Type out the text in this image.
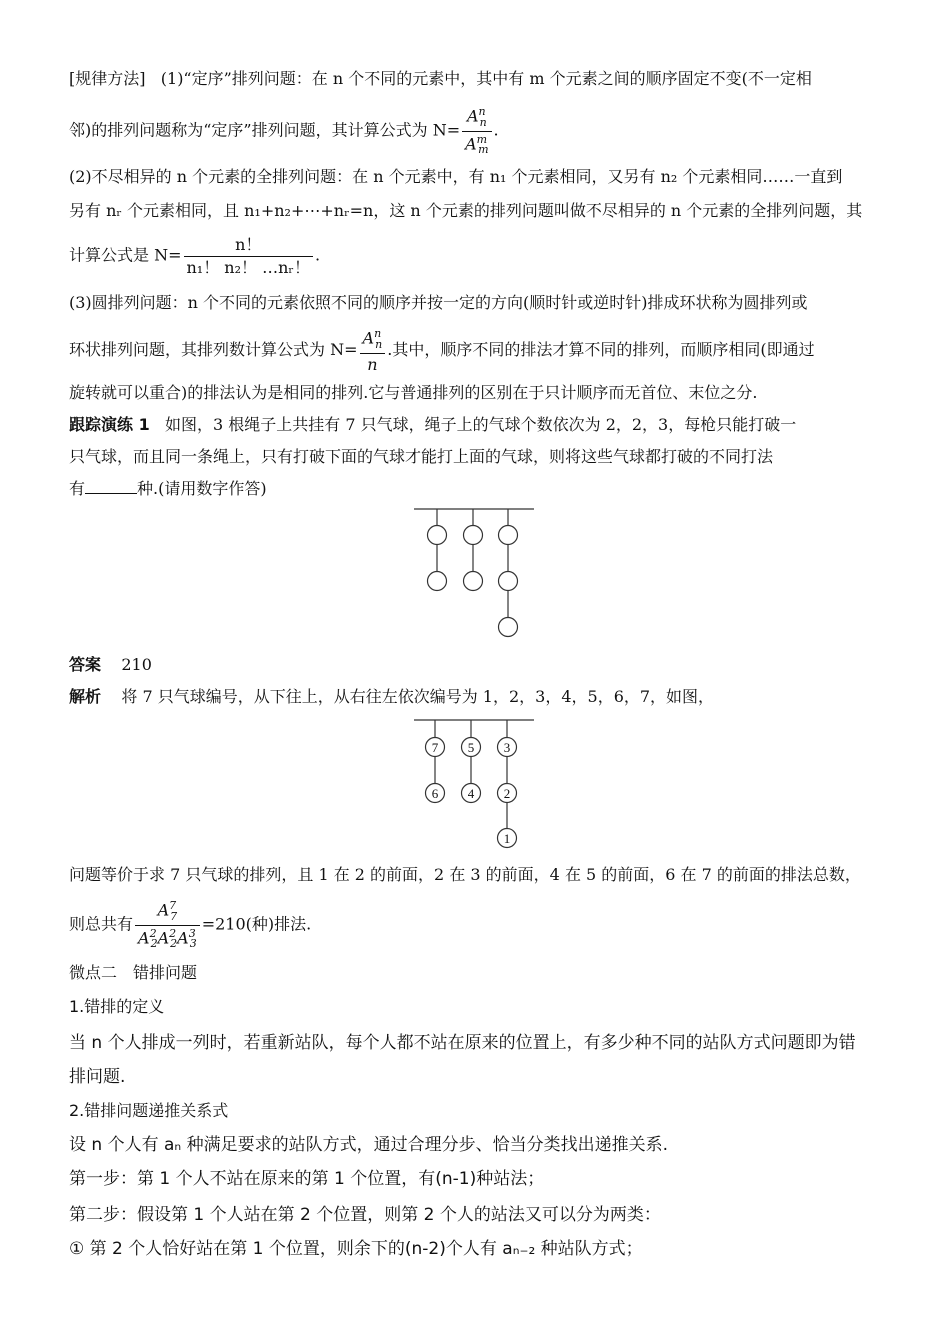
[规律方法] (1)“定序”排列问题：在 n 个不同的元素中，其中有 m 个元素之间的顺序固定不变(不一定相
邻)的排列问题称为“定序”排列问题，其计算公式为 $N= \frac{A^n_n}{A^m_m}$ .
(2)不尽相异的 n 个元素的全排列问题：在 n 个元素中，有 n₁ 个元素相同，又另有 n₂ 个元素相同……一直到
另有 nᵣ 个元素相同，且 n₁+n₂+⋯+nᵣ=n，这 n 个元素的排列问题叫做不尽相异的 n 个元素的全排列问题，其
计算公式是 $N= \frac{n!}{\text{n₁！ n₂！ …nᵣ！}}$ .
(3)圆排列问题：n 个不同的元素依照不同的顺序并按一定的方向(顺时针或逆时针)排成环状称为圆排列或
环状排列问题，其排列数计算公式为 $N= \frac{A^n_n}{n}$ .其中，顺序不同的排法才算不同的排列，而顺序相同(即通过
旋转就可以重合)的排法认为是相同的排列.它与普通排列的区别在于只计顺序而无首位、末位之分.
跟踪演练 1 如图，3 根绳子上共挂有 7 只气球，绳子上的气球个数依次为 2，2，3，每枪只能打破一
只气球，而且同一条绳上，只有打破下面的气球才能打上面的气球，则将这些气球都打破的不同打法
有	种.(请用数字作答)
答案 210
解析 将 7 只气球编号，从下往上，从右往左依次编号为 1，2，3，4，5，6，7，如图，
7 5 3
6 4 2
1
问题等价于求 7 只气球的排列，且 1 在 2 的前面，2 在 3 的前面，4 在 5 的前面，6 在 7 的前面的排法总数，
则总共有 $\frac{A^7_7}{A^2_2A^2_2A^3_3} =210$(种)排法.
微点二　错排问题
1.错排的定义
当 n 个人排成一列时，若重新站队，每个人都不站在原来的位置上，有多少种不同的站队方式问题即为错
排问题.
2.错排问题递推关系式
设 n 个人有 aₙ 种满足要求的站队方式，通过合理分步、恰当分类找出递推关系.
第一步：第 1 个人不站在原来的第 1 个位置，有(n-1)种站法；
第二步：假设第 1 个人站在第 2 个位置，则第 2 个人的站法又可以分为两类：
① 第 2 个人恰好站在第 1 个位置，则余下的(n-2)个人有 aₙ₋₂ 种站队方式；
